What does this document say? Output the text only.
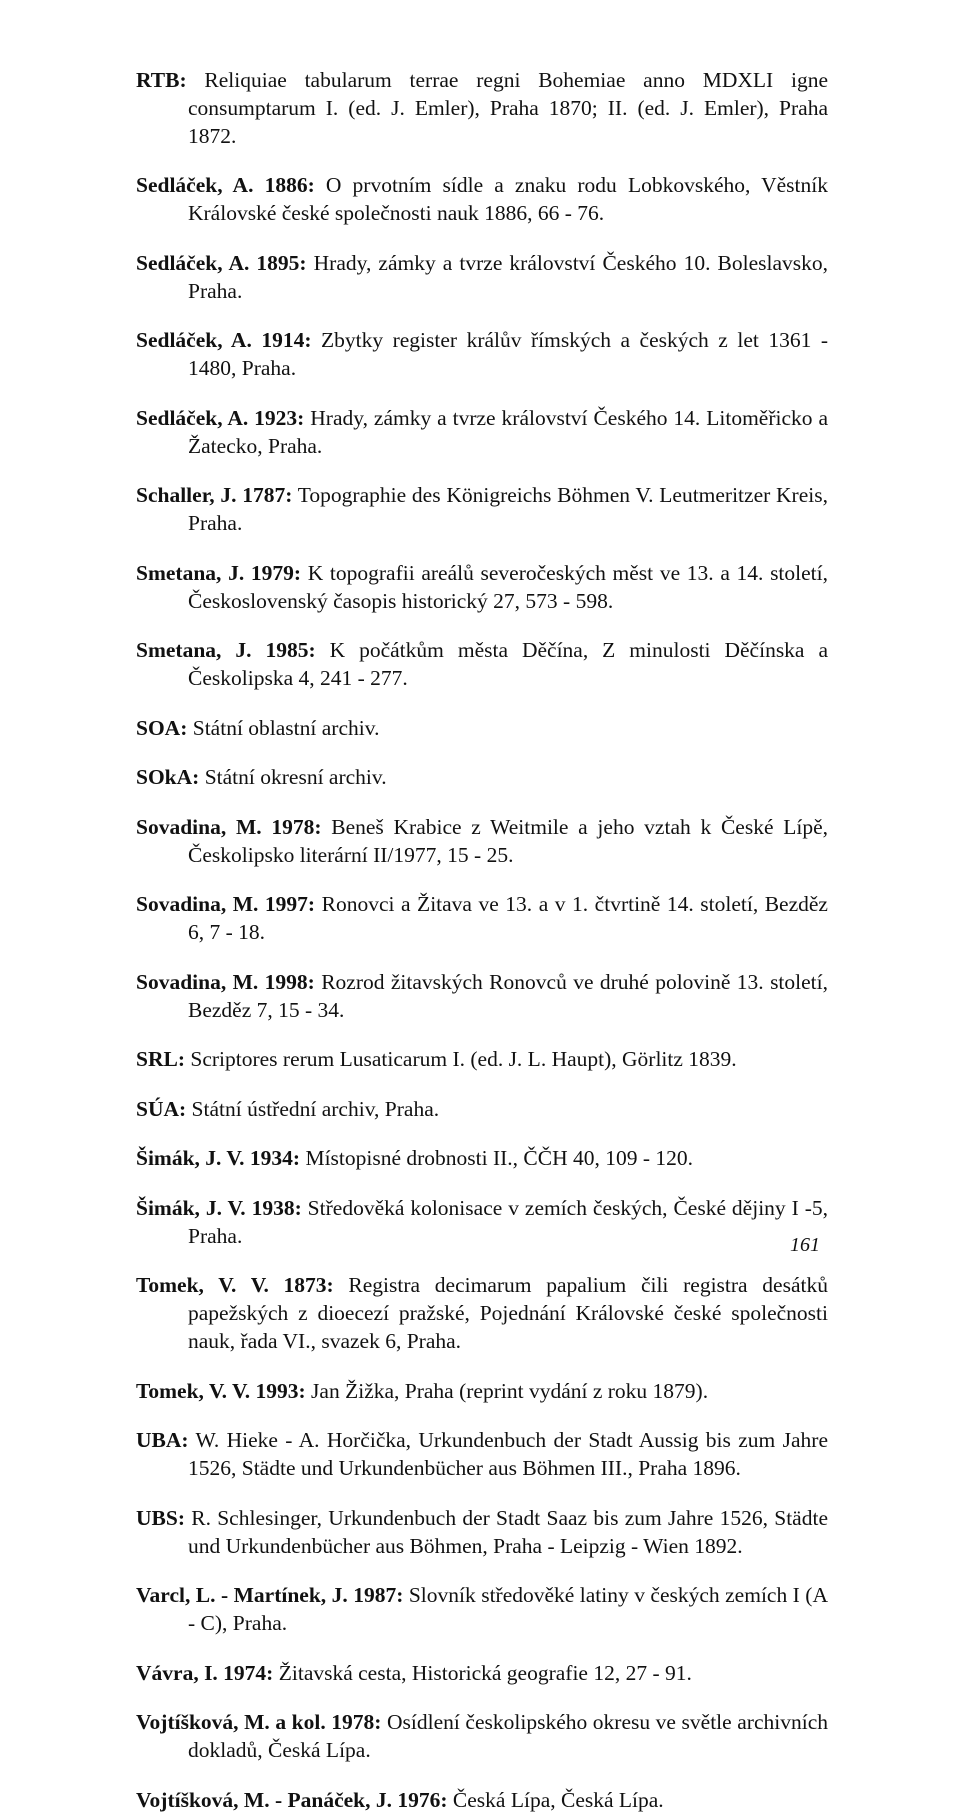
RTB: Reliquiae tabularum terrae regni Bohemiae anno MDXLI igne consumptarum I. (ed. J. Emler), Praha 1870; II. (ed. J. Emler), Praha 1872.

Sedláček, A. 1886: O prvotním sídle a znaku rodu Lobkovského, Věstník Královské české společnosti nauk 1886, 66 - 76.

Sedláček, A. 1895: Hrady, zámky a tvrze království Českého 10. Boleslavsko, Praha.

Sedláček, A. 1914: Zbytky register králův římských a českých z let 1361 - 1480, Praha.

Sedláček, A. 1923: Hrady, zámky a tvrze království Českého 14. Litoměřicko a Žatecko, Praha.

Schaller, J. 1787: Topographie des Königreichs Böhmen V. Leutmeritzer Kreis, Praha.

Smetana, J. 1979: K topografii areálů severočeských měst ve 13. a 14. století, Československý časopis historický 27, 573 - 598.

Smetana, J. 1985: K počátkům města Děčína, Z minulosti Děčínska a Českolipska 4, 241 - 277.

SOA: Státní oblastní archiv.

SOkA: Státní okresní archiv.

Sovadina, M. 1978: Beneš Krabice z Weitmile a jeho vztah k České Lípě, Českolipsko literární II/1977, 15 - 25.

Sovadina, M. 1997: Ronovci a Žitava ve 13. a v 1. čtvrtině 14. století, Bezděz 6, 7 - 18.

Sovadina, M. 1998: Rozrod žitavských Ronovců ve druhé polovině 13. století, Bezděz 7, 15 - 34.

SRL: Scriptores rerum Lusaticarum I. (ed. J. L. Haupt), Görlitz 1839.

SÚA: Státní ústřední archiv, Praha.

Šimák, J. V. 1934: Místopisné drobnosti II., ČČH 40, 109 - 120.

Šimák, J. V. 1938: Středověká kolonisace v zemích českých, České dějiny I -5, Praha.

Tomek, V. V. 1873: Registra decimarum papalium čili registra desátků papežských z dioecezí pražské, Pojednání Královské české společnosti nauk, řada VI., svazek 6, Praha.

Tomek, V. V. 1993: Jan Žižka, Praha (reprint vydání z roku 1879).

UBA: W. Hieke - A. Horčička, Urkundenbuch der Stadt Aussig bis zum Jahre 1526, Städte und Urkundenbücher aus Böhmen III., Praha 1896.

UBS: R. Schlesinger, Urkundenbuch der Stadt Saaz bis zum Jahre 1526, Städte und Urkundenbücher aus Böhmen, Praha - Leipzig - Wien 1892.

Varcl, L. - Martínek, J. 1987: Slovník středověké latiny v českých zemích I (A - C), Praha.

Vávra, I. 1974: Žitavská cesta, Historická geografie 12, 27 - 91.

Vojtíšková, M. a kol. 1978: Osídlení českolipského okresu ve světle archivních dokladů, Česká Lípa.

Vojtíšková, M. - Panáček, J. 1976: Česká Lípa, Česká Lípa.

161
